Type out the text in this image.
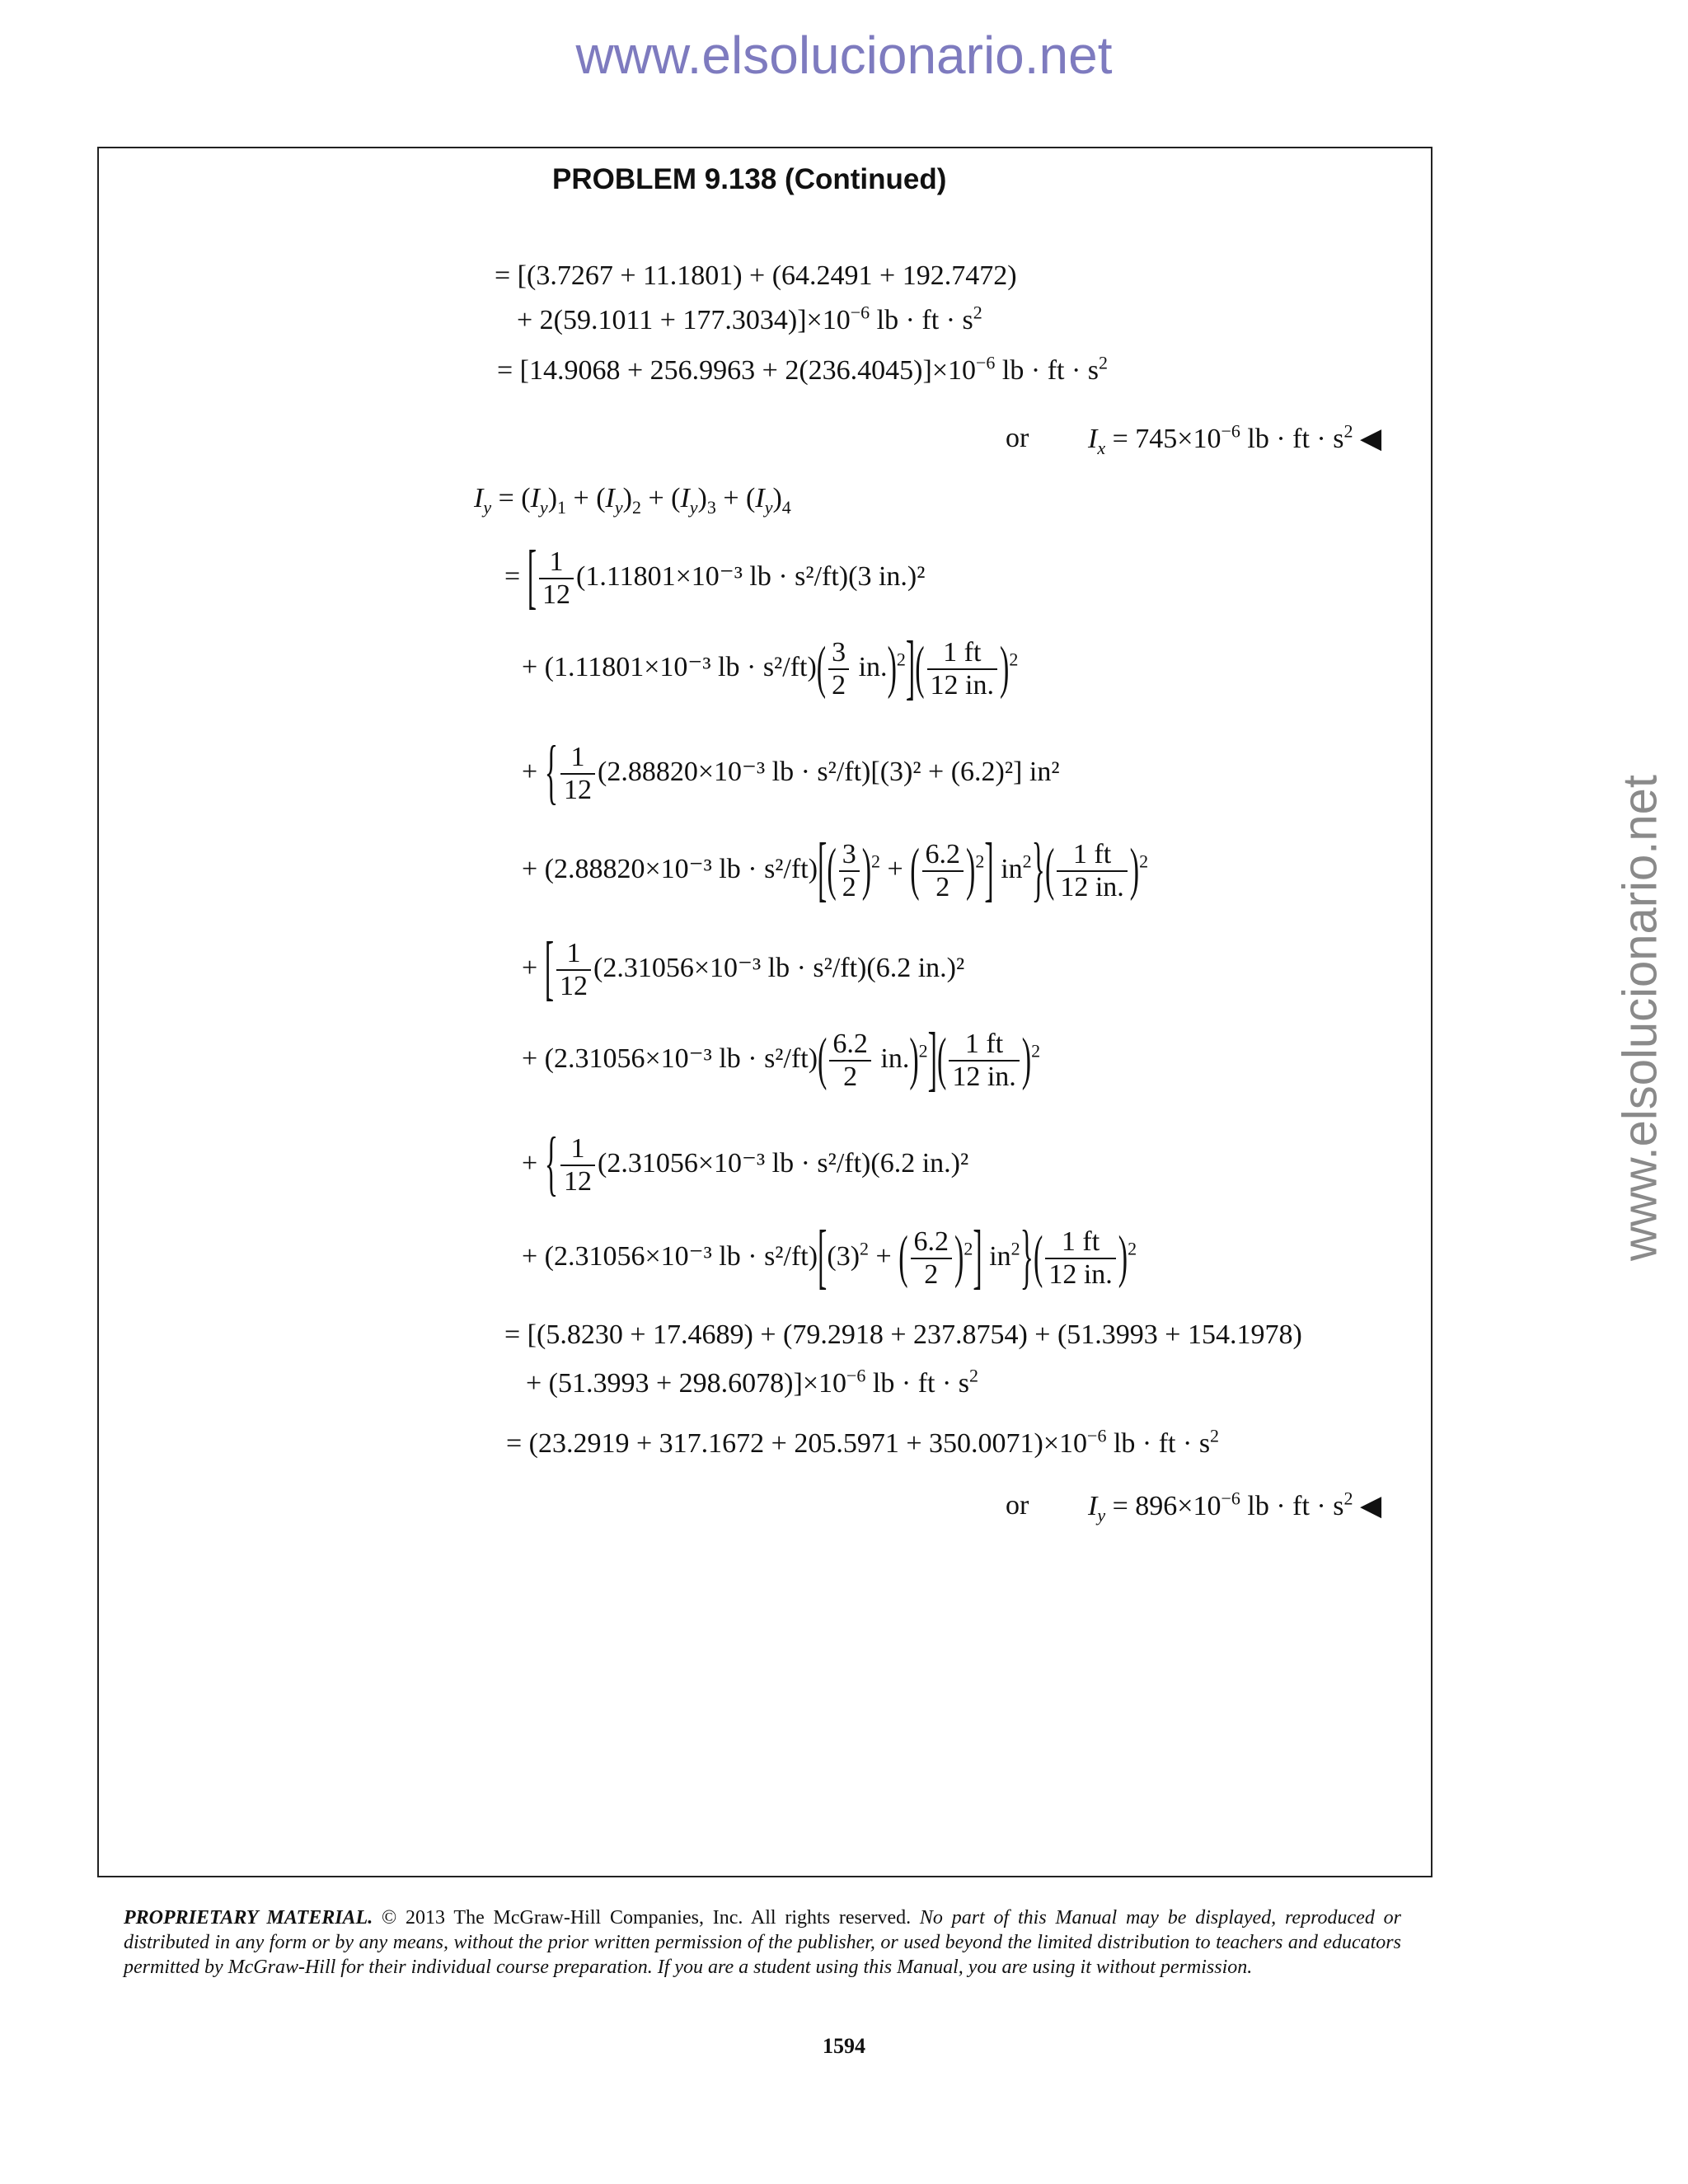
www.elsolucionario.net
www.elsolucionario.net
PROBLEM 9.138 (Continued)
= [(3.7267 + 11.1801) + (64.2491 + 192.7472)
+ $2(59.1011 + 177.3034)]\times 10^{-6}$ lb · ft · $s^2$
= $[14.9068 + 256.9963 + 2(236.4045)]\times 10^{-6}$ lb · ft · $s^2$
or $I_x = 745\times 10^{-6}$ lb · ft · $s^2$ ◀
$I_y = (I_y)_1 + (I_y)_2 + (I_y)_3 + (I_y)_4$
= [ $\frac{1}{12} (1.11801\times 10^{-3}$ lb · s²/ft)(3 in.)²
+ (1.11801×10⁻³ lb · $s^2/ft)( \frac{3}{2} in.)^2]( \frac{1 ft}{12 in.} )^2$
+ { $\frac{1}{12} (2.88820\times 10^{-3}$ lb · s²/ft)[(3)² + (6.2)²] in²
+ (2.88820×10⁻³ lb · $s^2/ft)[( \frac{3}{2} )^2$ + ( $\frac{6.2}{2} )^2$] $in^2\}( \frac{1 ft}{12 in.} )^2$
+ [ $\frac{1}{12} (2.31056\times 10^{-3}$ lb · s²/ft)(6.2 in.)²
+ (2.31056×10⁻³ lb · $s^2/ft)( \frac{6.2}{2} in.)^2]( \frac{1 ft}{12 in.} )^2$
+ { $\frac{1}{12} (2.31056\times 10^{-3}$ lb · s²/ft)(6.2 in.)²
+ (2.31056×10⁻³ lb · $s^2/ft)[(3)^2$ + ( $\frac{6.2}{2} )^2$] $in^2\}( \frac{1 ft}{12 in.} )^2$
= [(5.8230 + 17.4689) + (79.2918 + 237.8754) + (51.3993 + 154.1978)
+ $(51.3993 + 298.6078)]\times 10^{-6}$ lb · ft · $s^2$
= $(23.2919 + 317.1672 + 205.5971 + 350.0071)\times 10^{-6}$ lb · ft · $s^2$
or $I_y = 896\times 10^{-6}$ lb · ft · $s^2$ ◀
PROPRIETARY MATERIAL. © 2013 The McGraw-Hill Companies, Inc. All rights reserved. No part of this Manual may be displayed, reproduced or distributed in any form or by any means, without the prior written permission of the publisher, or used beyond the limited distribution to teachers and educators permitted by McGraw-Hill for their individual course preparation. If you are a student using this Manual, you are using it without permission.
1594
